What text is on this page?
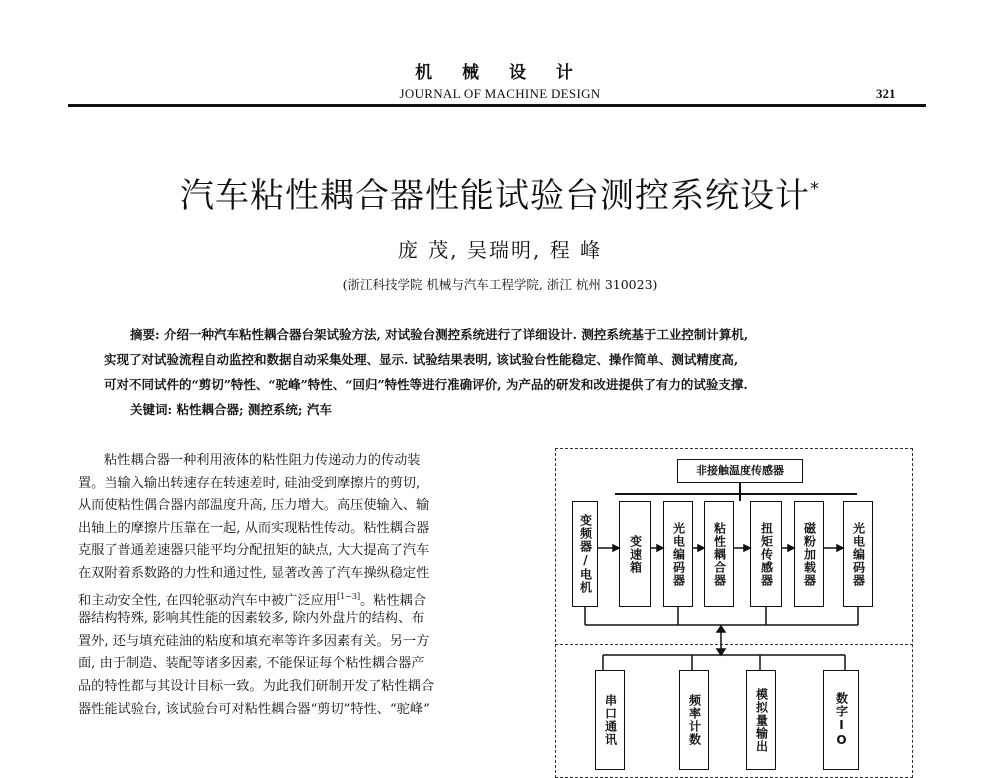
机 械 设 计
JOURNAL OF MACHINE DESIGN	321
汽车粘性耦合器性能试验台测控系统设计*
庞 茂, 吴瑞明, 程 峰
(浙江科技学院 机械与汽车工程学院, 浙江 杭州 310023)
摘要: 介绍一种汽车粘性耦合器台架试验方法, 对试验台测控系统进行了详细设计. 测控系统基于工业控制计算机,
实现了对试验流程自动监控和数据自动采集处理、显示. 试验结果表明, 该试验台性能稳定、操作简单、测试精度高,
可对不同试件的“剪切”特性、“驼峰”特性、“回归”特性等进行准确评价, 为产品的研发和改进提供了有力的试验支撑.
关键词: 粘性耦合器; 测控系统; 汽车
粘性耦合器一种利用液体的粘性阻力传递动力的传动装
置。当输入输出转速存在转速差时, 硅油受到摩擦片的剪切,
从而使粘性偶合器内部温度升高, 压力增大。高压使输入、输
出轴上的摩擦片压靠在一起, 从而实现粘性传动。粘性耦合器
克服了普通差速器只能平均分配扭矩的缺点, 大大提高了汽车
在双附着系数路的力性和通过性, 显著改善了汽车操纵稳定性
和主动安全性, 在四轮驱动汽车中被广泛应用[1~3]。粘性耦合
器结构特殊, 影响其性能的因素较多, 除内外盘片的结构、布
置外, 还与填充硅油的粘度和填充率等许多因素有关。另一方
面, 由于制造、装配等诸多因素, 不能保证每个粘性耦合器产
品的特性都与其设计目标一致。为此我们研制开发了粘性耦合
器性能试验台, 该试验台可对粘性耦合器“剪切”特性、“驼峰”
非接触温度传感器
变频器/电机	变速箱 光电编码器 粘性耦合器	扭矩传感器 磁粉加载器	光电编码器
串口通讯	频率计数	模拟量输出	数字IO
